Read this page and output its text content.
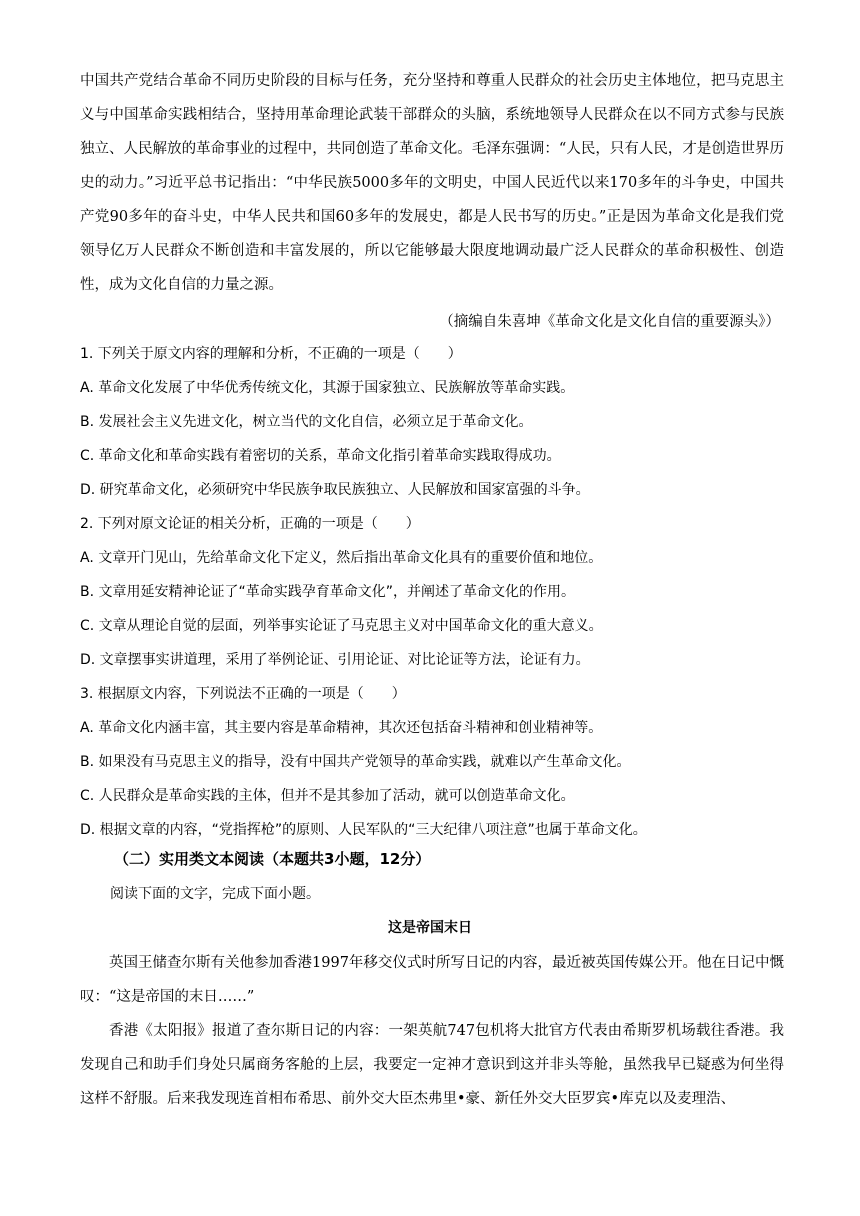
中国共产党结合革命不同历史阶段的目标与任务，充分坚持和尊重人民群众的社会历史主体地位，把马克思主义与中国革命实践相结合，坚持用革命理论武装干部群众的头脑，系统地领导人民群众在以不同方式参与民族独立、人民解放的革命事业的过程中，共同创造了革命文化。毛泽东强调：“人民，只有人民，才是创造世界历史的动力。”习近平总书记指出：“中华民族5000多年的文明史，中国人民近代以来170多年的斗争史，中国共产党90多年的奋斗史，中华人民共和国60多年的发展史，都是人民书写的历史。”正是因为革命文化是我们党领导亿万人民群众不断创造和丰富发展的，所以它能够最大限度地调动最广泛人民群众的革命积极性、创造性，成为文化自信的力量之源。

（摘编自朱喜坤《革命文化是文化自信的重要源头》）

1. 下列关于原文内容的理解和分析，不正确的一项是（　　）

A. 革命文化发展了中华优秀传统文化，其源于国家独立、民族解放等革命实践。

B. 发展社会主义先进文化，树立当代的文化自信，必须立足于革命文化。

C. 革命文化和革命实践有着密切的关系，革命文化指引着革命实践取得成功。

D. 研究革命文化，必须研究中华民族争取民族独立、人民解放和国家富强的斗争。

2. 下列对原文论证的相关分析，正确的一项是（　　）

A. 文章开门见山，先给革命文化下定义，然后指出革命文化具有的重要价值和地位。

B. 文章用延安精神论证了“革命实践孕育革命文化”，并阐述了革命文化的作用。

C. 文章从理论自觉的层面，列举事实论证了马克思主义对中国革命文化的重大意义。

D. 文章摆事实讲道理，采用了举例论证、引用论证、对比论证等方法，论证有力。

3. 根据原文内容，下列说法不正确的一项是（　　）

A. 革命文化内涵丰富，其主要内容是革命精神，其次还包括奋斗精神和创业精神等。

B. 如果没有马克思主义的指导，没有中国共产党领导的革命实践，就难以产生革命文化。

C. 人民群众是革命实践的主体，但并不是其参加了活动，就可以创造革命文化。

D. 根据文章的内容，“党指挥枪”的原则、人民军队的“三大纪律八项注意”也属于革命文化。

（二）实用类文本阅读（本题共3小题，12分）

阅读下面的文字，完成下面小题。

这是帝国末日

英国王储查尔斯有关他参加香港1997年移交仪式时所写日记的内容，最近被英国传媒公开。他在日记中慨叹：“这是帝国的末日……”

香港《太阳报》报道了查尔斯日记的内容：一架英航747包机将大批官方代表由希斯罗机场载往香港。我发现自己和助手们身处只属商务客舱的上层，我要定一定神才意识到这并非头等舱，虽然我早已疑惑为何坐得这样不舒服。后来我发现连首相布希思、前外交大臣杰弗里•豪、新任外交大臣罗宾•库克以及麦理浩、
